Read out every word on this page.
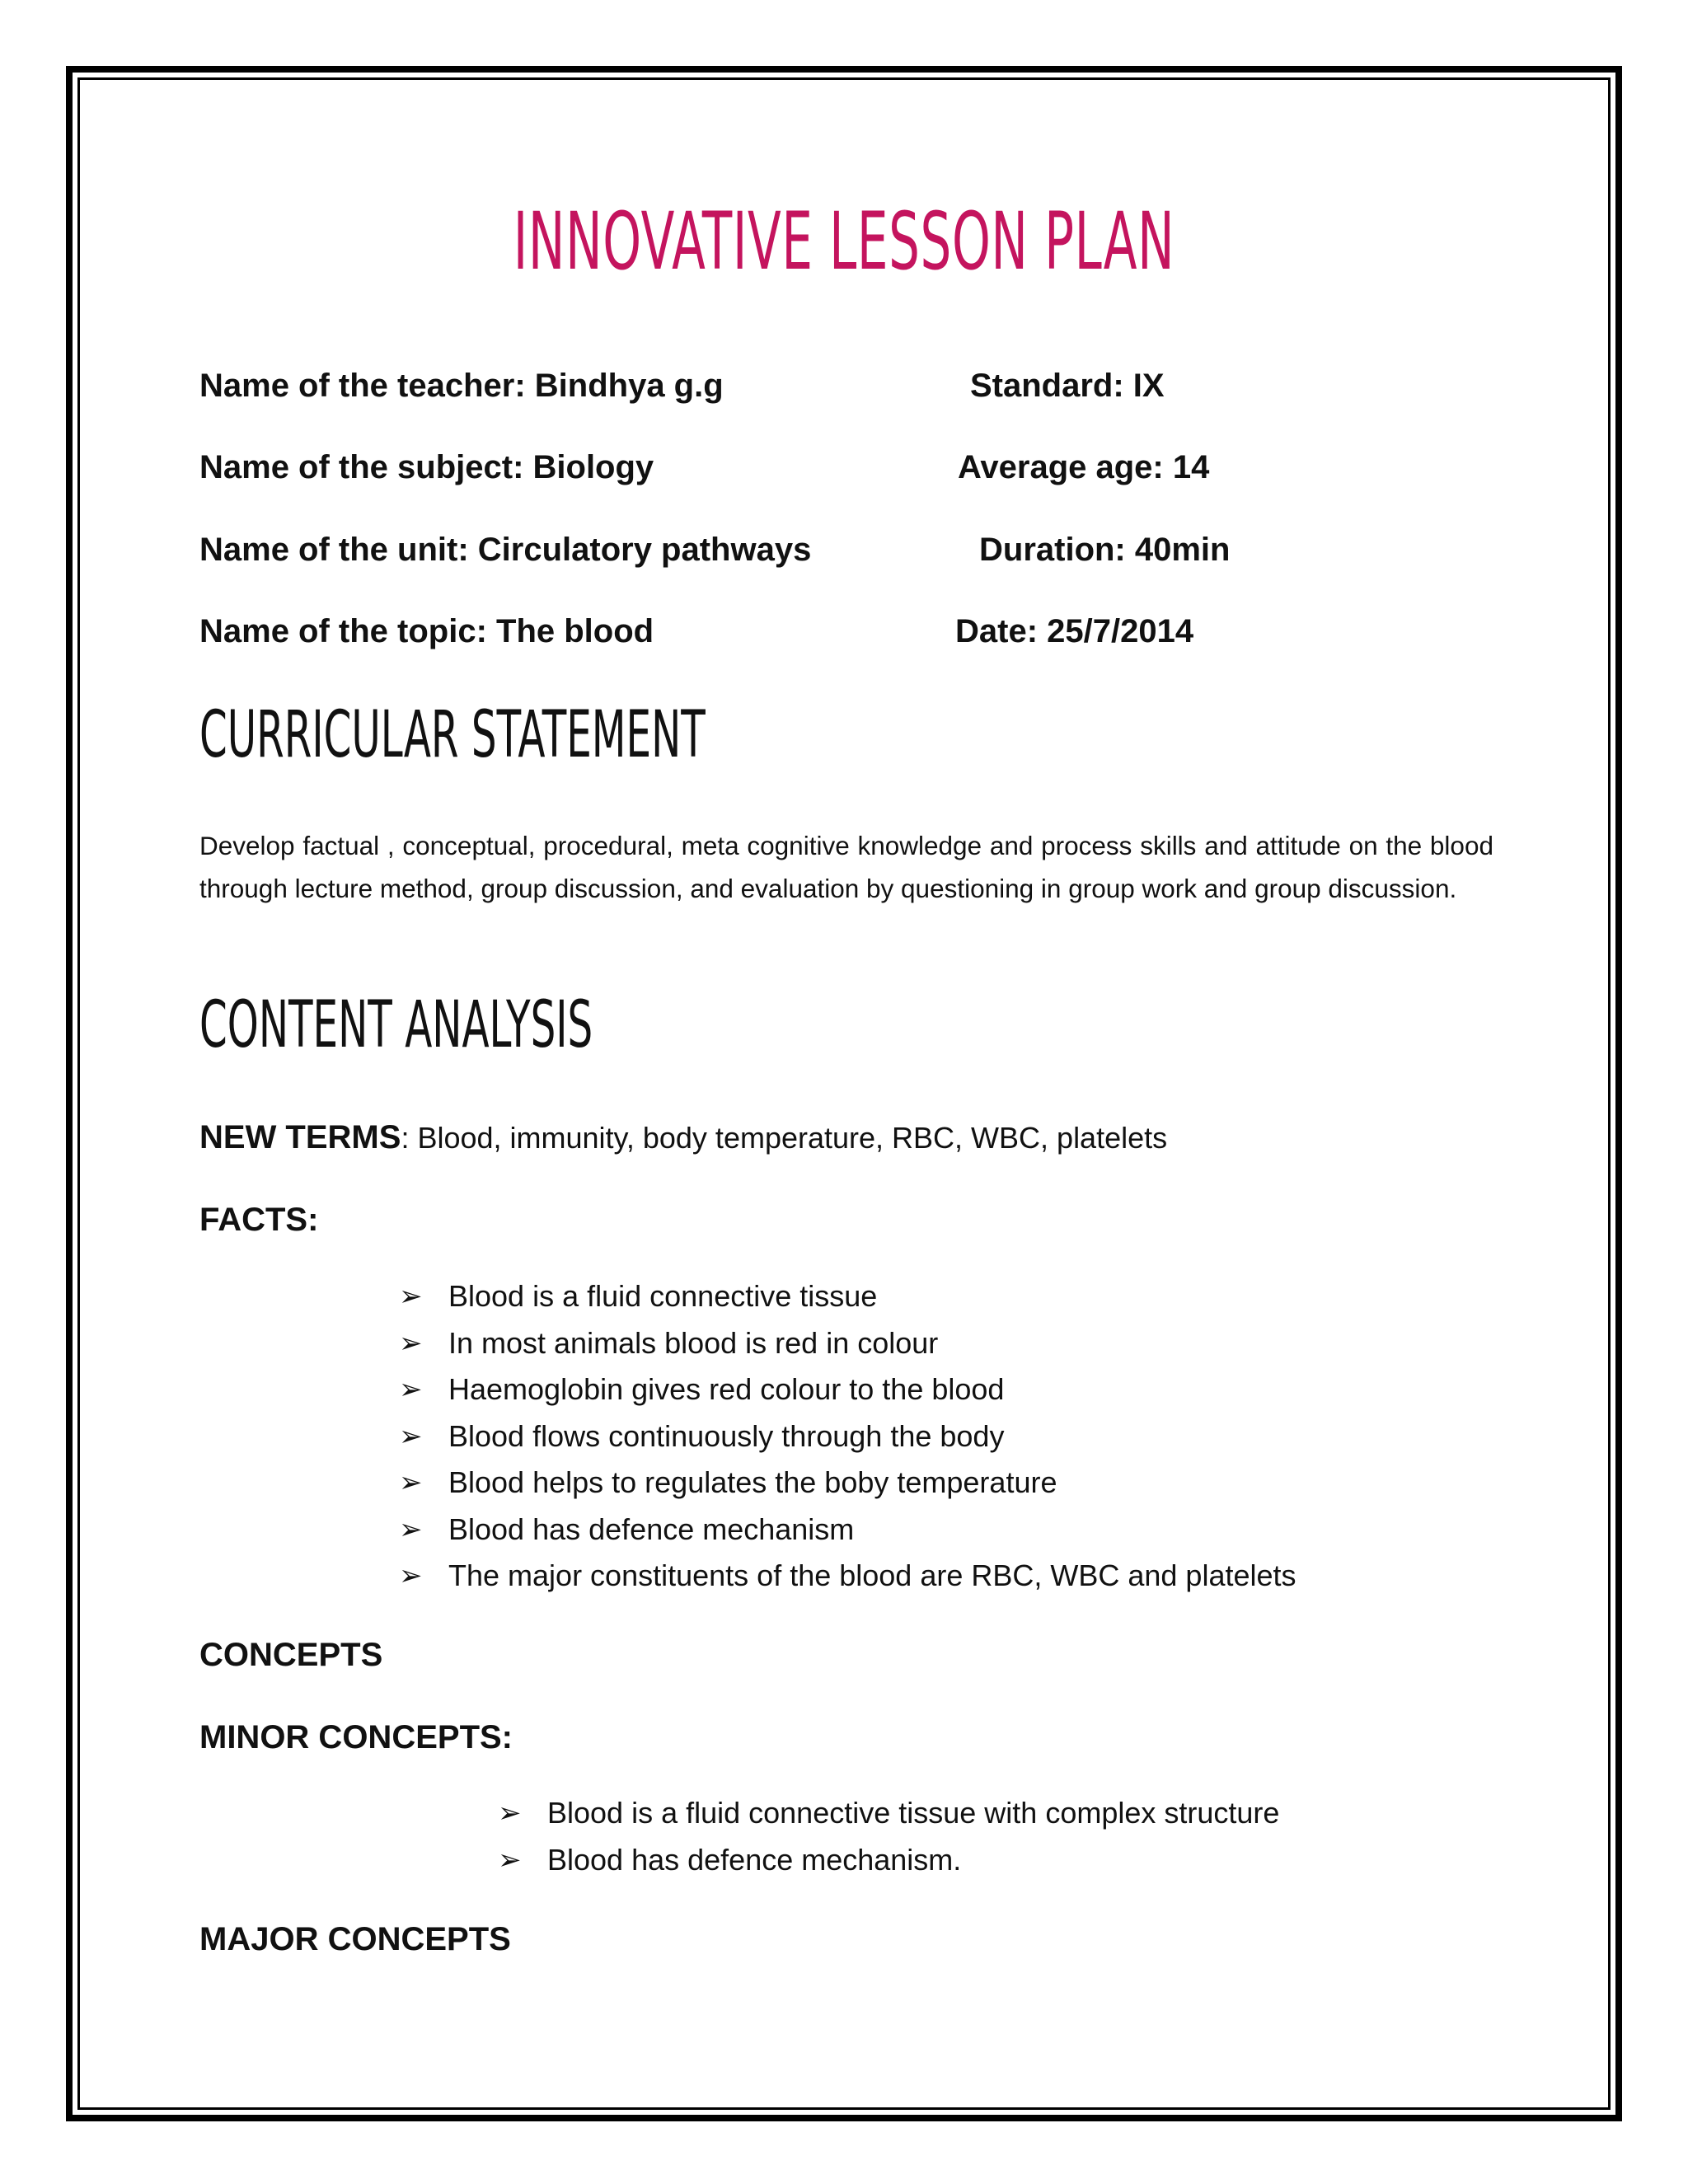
INNOVATIVE LESSON PLAN
Name of the teacher: Bindhya g.g	Standard: IX
Name of the subject: Biology	Average age: 14
Name of the unit: Circulatory pathways	Duration: 40min
Name of the topic: The blood	Date: 25/7/2014
CURRICULAR STATEMENT
Develop factual , conceptual, procedural, meta cognitive knowledge and process skills and attitude on the blood through lecture method, group discussion, and evaluation by questioning in group work and group discussion.
CONTENT ANALYSIS
NEW TERMS: Blood, immunity, body temperature, RBC, WBC, platelets
FACTS:
➢ Blood is a fluid connective tissue
➢ In most animals blood is red in colour
➢ Haemoglobin gives red colour to the blood
➢ Blood flows continuously through the body
➢ Blood helps to regulates the boby temperature
➢ Blood has defence mechanism
➢ The major constituents of the blood are RBC, WBC and platelets
CONCEPTS
MINOR CONCEPTS:
➢ Blood is a fluid connective tissue with complex structure
➢ Blood has defence mechanism.
MAJOR CONCEPTS
